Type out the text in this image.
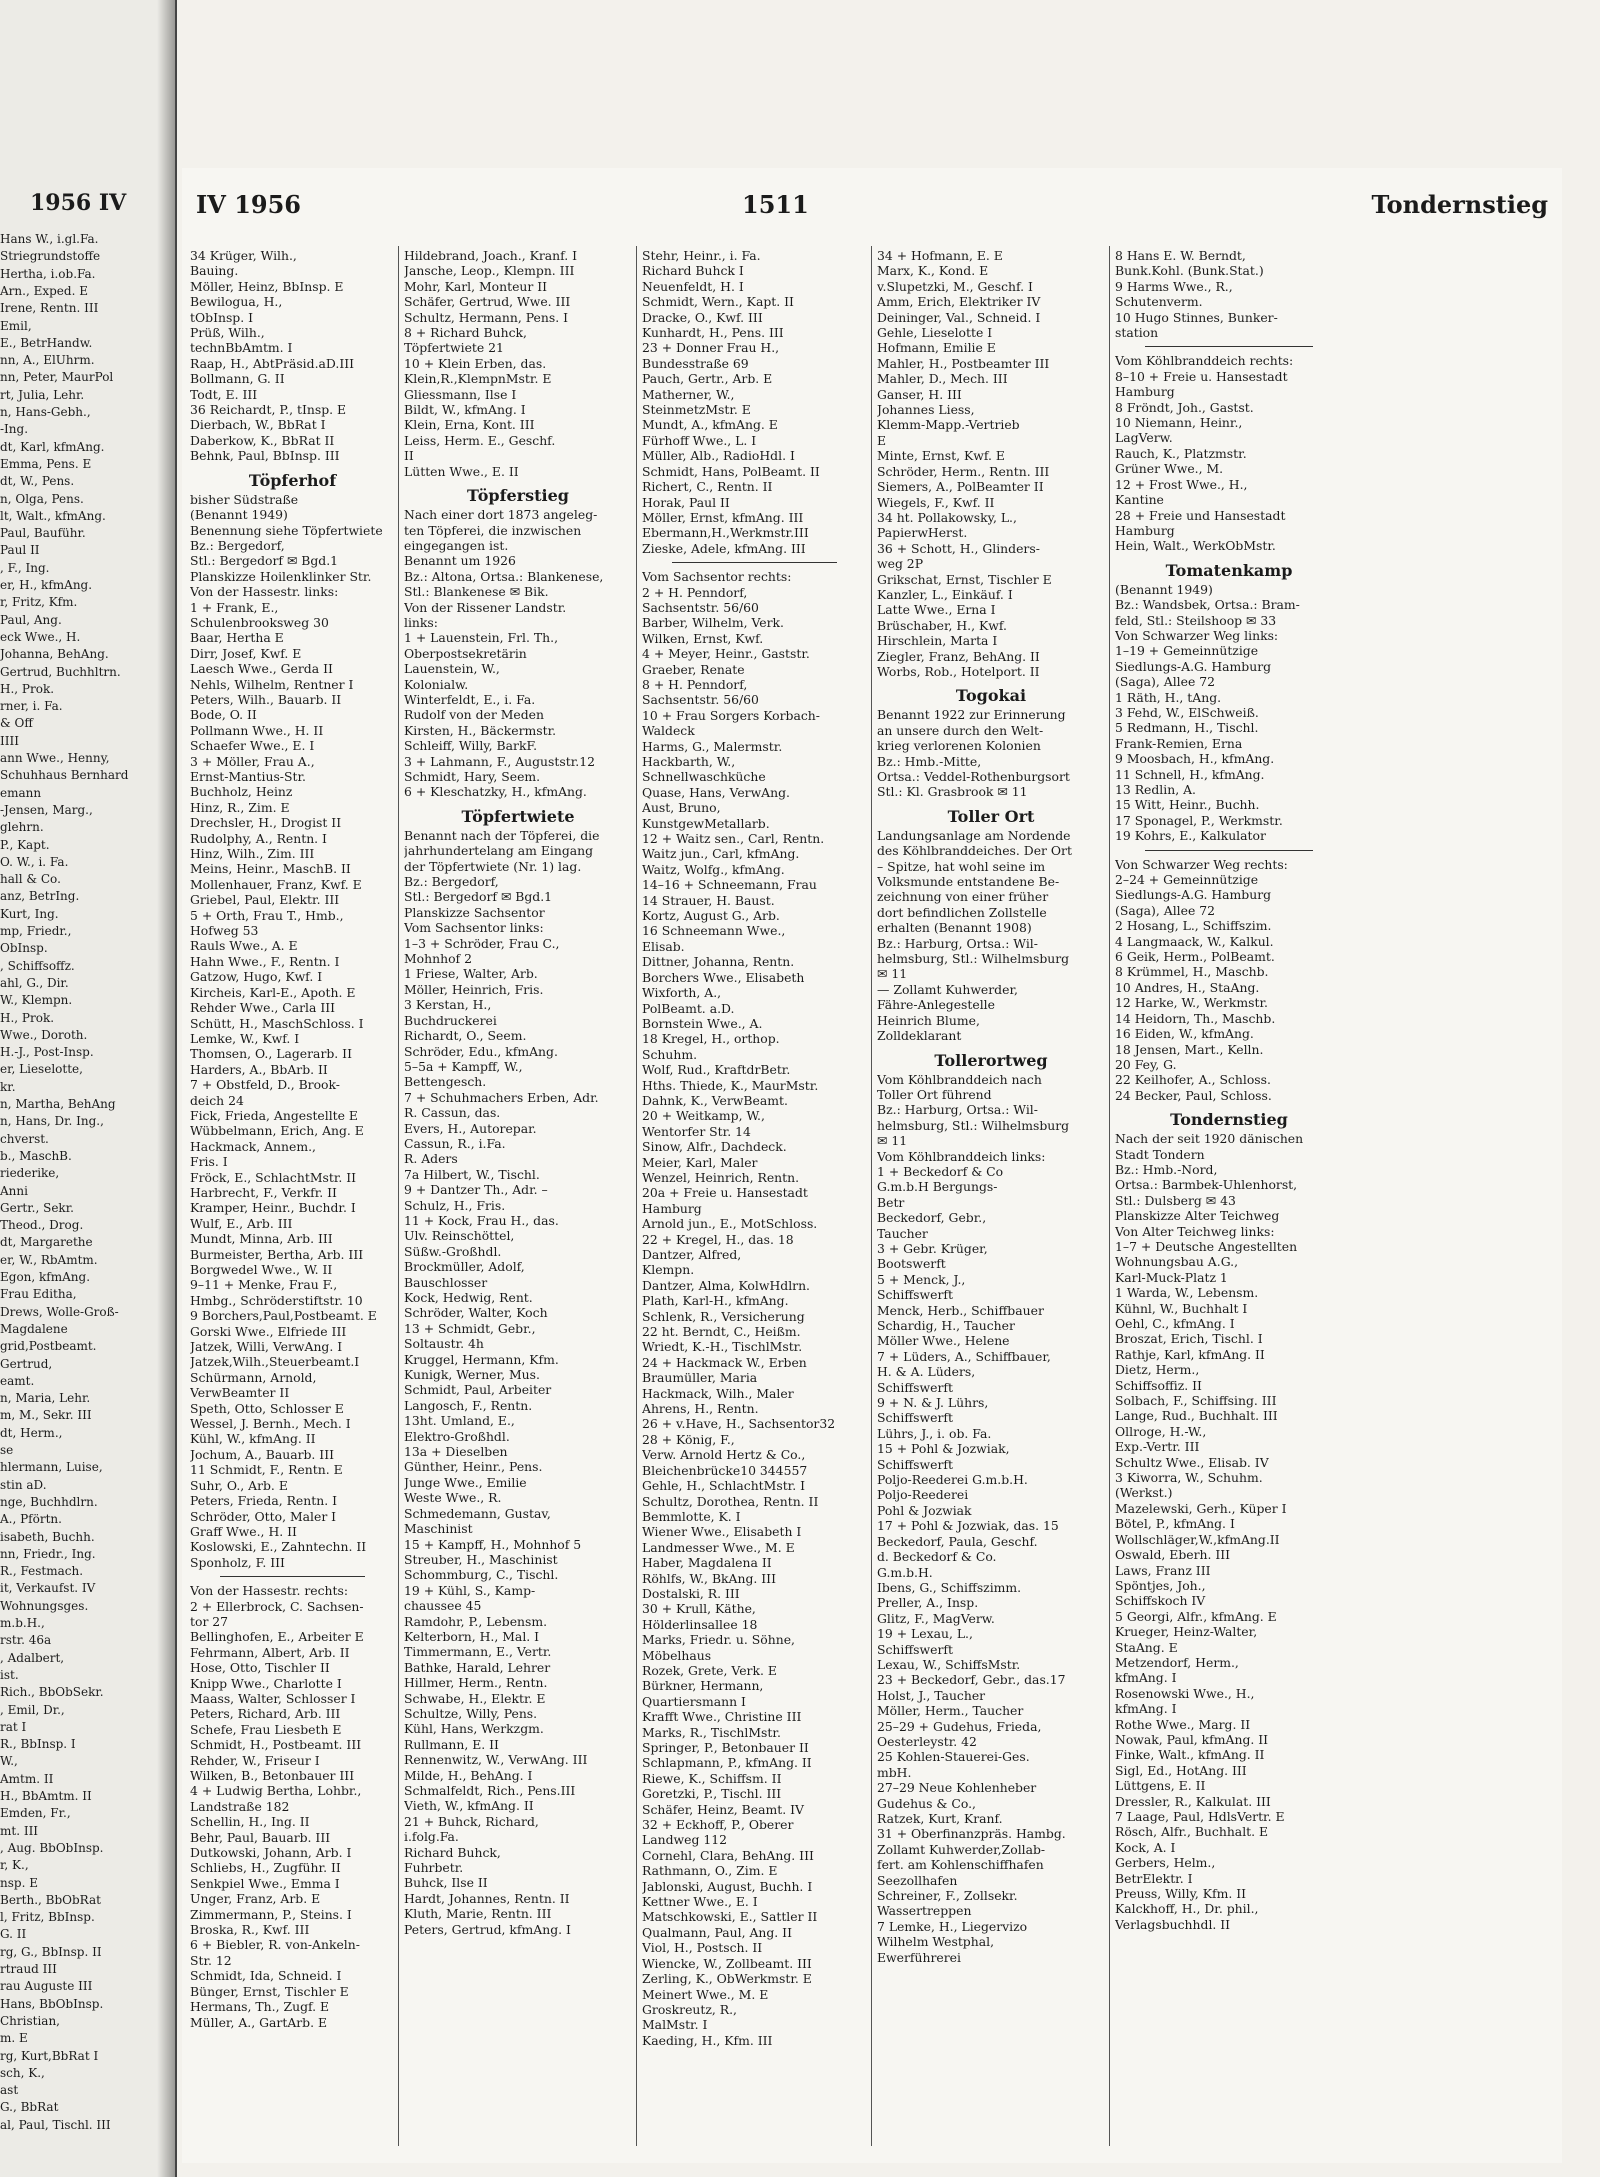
1956 IV
Hans W., i.gl.Fa.
Striegrundstoffe
Hertha, i.ob.Fa.
Arn., Exped. E
Irene, Rentn. III
Emil,
E., BetrHandw.
nn, A., ElUhrm.
nn, Peter, MaurPol
rt, Julia, Lehr.
n, Hans-Gebh.,
-Ing.
dt, Karl, kfmAng.
Emma, Pens. E
dt, W., Pens.
n, Olga, Pens.
lt, Walt., kfmAng.
Paul, Bauführ.
Paul II
, F., Ing.
er, H., kfmAng.
r, Fritz, Kfm.
Paul, Ang.
eck Wwe., H.
Johanna, BehAng.
Gertrud, Buchhltrn.
H., Prok.
rner, i. Fa.
& Off
IIII
ann Wwe., Henny,
Schuhhaus Bernhard
emann
-Jensen, Marg.,
glehrn.
P., Kapt.
O. W., i. Fa.
hall & Co.
anz, BetrIng.
Kurt, Ing.
mp, Friedr.,
ObInsp.
, Schiffsoffz.
ahl, G., Dir.
W., Klempn.
H., Prok.
Wwe., Doroth.
H.-J., Post-Insp.
er, Lieselotte,
kr.
n, Martha, BehAng
n, Hans, Dr. Ing.,
chverst.
b., MaschB.
riederike,
Anni
Gertr., Sekr.
Theod., Drog.
dt, Margarethe
er, W., RbAmtm.
Egon, kfmAng.
Frau Editha,
Drews, Wolle-Groß-
Magdalene
grid,Postbeamt.
Gertrud,
eamt.
n, Maria, Lehr.
m, M., Sekr. III
dt, Herm.,
se
hlermann, Luise,
stin aD.
nge, Buchhdlrn.
A., Pförtn.
isabeth, Buchh.
nn, Friedr., Ing.
R., Festmach.
it, Verkaufst. IV
Wohnungsges.
m.b.H.,
rstr. 46a
, Adalbert,
ist.
Rich., BbObSekr.
, Emil, Dr.,
rat I
R., BbInsp. I
W.,
Amtm. II
H., BbAmtm. II
Emden, Fr.,
mt. III
, Aug. BbObInsp.
r, K.,
nsp. E
Berth., BbObRat
l, Fritz, BbInsp.
G. II
rg, G., BbInsp. II
rtraud III
rau Auguste III
Hans, BbObInsp.
Christian,
m. E
rg, Kurt,BbRat I
sch, K.,
ast
G., BbRat
al, Paul, Tischl. III
IV 1956	1511	Tondernstieg
34 Krüger, Wilh.,
Bauing.
Möller, Heinz, BbInsp. E
Bewilogua, H.,
tObInsp. I
Prüß, Wilh.,
technBbAmtm. I
Raap, H., AbtPräsid.aD.III
Bollmann, G. II
Todt, E. III
36 Reichardt, P., tInsp. E
Dierbach, W., BbRat I
Daberkow, K., BbRat II
Behnk, Paul, BbInsp. III
Töpferhof
bisher Südstraße
(Benannt 1949)
Benennung siehe Töpfertwiete
Bz.: Bergedorf,
Stl.: Bergedorf ✉ Bgd.1
Planskizze Hoilenklinker Str.
Von der Hassestr. links:
1 + Frank, E.,
Schulenbrooksweg 30
Baar, Hertha E
Dirr, Josef, Kwf. E
Laesch Wwe., Gerda II
Nehls, Wilhelm, Rentner I
Peters, Wilh., Bauarb. II
Bode, O. II
Pollmann Wwe., H. II
Schaefer Wwe., E. I
3 + Möller, Frau A.,
Ernst-Mantius-Str.
Buchholz, Heinz
Hinz, R., Zim. E
Drechsler, H., Drogist II
Rudolphy, A., Rentn. I
Hinz, Wilh., Zim. III
Meins, Heinr., MaschB. II
Mollenhauer, Franz, Kwf. E
Griebel, Paul, Elektr. III
5 + Orth, Frau T., Hmb.,
Hofweg 53
Rauls Wwe., A. E
Hahn Wwe., F., Rentn. I
Gatzow, Hugo, Kwf. I
Kircheis, Karl-E., Apoth. E
Rehder Wwe., Carla III
Schütt, H., MaschSchloss. I
Lemke, W., Kwf. I
Thomsen, O., Lagerarb. II
Harders, A., BbArb. II
7 + Obstfeld, D., Brook-
deich 24
Fick, Frieda, Angestellte E
Wübbelmann, Erich, Ang. E
Hackmack, Annem.,
Fris. I
Fröck, E., SchlachtMstr. II
Harbrecht, F., Verkfr. II
Kramper, Heinr., Buchdr. I
Wulf, E., Arb. III
Mundt, Minna, Arb. III
Burmeister, Bertha, Arb. III
Borgwedel Wwe., W. II
9–11 + Menke, Frau F.,
Hmbg., Schröderstiftstr. 10
9 Borchers,Paul,Postbeamt. E
Gorski Wwe., Elfriede III
Jatzek, Willi, VerwAng. I
Jatzek,Wilh.,Steuerbeamt.I
Schürmann, Arnold,
VerwBeamter II
Speth, Otto, Schlosser E
Wessel, J. Bernh., Mech. I
Kühl, W., kfmAng. II
Jochum, A., Bauarb. III
11 Schmidt, F., Rentn. E
Suhr, O., Arb. E
Peters, Frieda, Rentn. I
Schröder, Otto, Maler I
Graff Wwe., H. II
Koslowski, E., Zahntechn. II
Sponholz, F. III
Von der Hassestr. rechts:
2 + Ellerbrock, C. Sachsen-
tor 27
Bellinghofen, E., Arbeiter E
Fehrmann, Albert, Arb. II
Hose, Otto, Tischler II
Knipp Wwe., Charlotte I
Maass, Walter, Schlosser I
Peters, Richard, Arb. III
Schefe, Frau Liesbeth E
Schmidt, H., Postbeamt. III
Rehder, W., Friseur I
Wilken, B., Betonbauer III
4 + Ludwig Bertha, Lohbr.,
Landstraße 182
Schellin, H., Ing. II
Behr, Paul, Bauarb. III
Dutkowski, Johann, Arb. I
Schliebs, H., Zugführ. II
Senkpiel Wwe., Emma I
Unger, Franz, Arb. E
Zimmermann, P., Steins. I
Broska, R., Kwf. III
6 + Biebler, R. von-Ankeln-
Str. 12
Schmidt, Ida, Schneid. I
Bünger, Ernst, Tischler E
Hermans, Th., Zugf. E
Müller, A., GartArb. E
Hildebrand, Joach., Kranf. I
Jansche, Leop., Klempn. III
Mohr, Karl, Monteur II
Schäfer, Gertrud, Wwe. III
Schultz, Hermann, Pens. I
8 + Richard Buhck,
Töpfertwiete 21
10 + Klein Erben, das.
Klein,R.,KlempnMstr. E
Gliessmann, Ilse I
Bildt, W., kfmAng. I
Klein, Erna, Kont. III
Leiss, Herm. E., Geschf.
II
Lütten Wwe., E. II
Töpferstieg
Nach einer dort 1873 angeleg-
ten Töpferei, die inzwischen
eingegangen ist.
Benannt um 1926
Bz.: Altona, Ortsa.: Blankenese,
Stl.: Blankenese ✉ Bik.
Von der Rissener Landstr.
links:
1 + Lauenstein, Frl. Th.,
Oberpostsekretärin
Lauenstein, W.,
Kolonialw.
Winterfeldt, E., i. Fa.
Rudolf von der Meden
Kirsten, H., Bäckermstr.
Schleiff, Willy, BarkF.
3 + Lahmann, F., Auguststr.12
Schmidt, Hary, Seem.
6 + Kleschatzky, H., kfmAng.
Töpfertwiete
Benannt nach der Töpferei, die
jahrhundertelang am Eingang
der Töpfertwiete (Nr. 1) lag.
Bz.: Bergedorf,
Stl.: Bergedorf ✉ Bgd.1
Planskizze Sachsentor
Vom Sachsentor links:
1–3 + Schröder, Frau C.,
Mohnhof 2
1 Friese, Walter, Arb.
Möller, Heinrich, Fris.
3 Kerstan, H.,
Buchdruckerei
Richardt, O., Seem.
Schröder, Edu., kfmAng.
5–5a + Kampff, W.,
Bettengesch.
7 + Schuhmachers Erben, Adr.
R. Cassun, das.
Evers, H., Autorepar.
Cassun, R., i.Fa.
R. Aders
7a Hilbert, W., Tischl.
9 + Dantzer Th., Adr. –
Schulz, H., Fris.
11 + Kock, Frau H., das.
Ulv. Reinschöttel,
Süßw.-Großhdl.
Brockmüller, Adolf,
Bauschlosser
Kock, Hedwig, Rent.
Schröder, Walter, Koch
13 + Schmidt, Gebr.,
Soltaustr. 4h
Kruggel, Hermann, Kfm.
Kunigk, Werner, Mus.
Schmidt, Paul, Arbeiter
Langosch, F., Rentn.
13ht. Umland, E.,
Elektro-Großhdl.
13a + Dieselben
Günther, Heinr., Pens.
Junge Wwe., Emilie
Weste Wwe., R.
Schmedemann, Gustav,
Maschinist
15 + Kampff, H., Mohnhof 5
Streuber, H., Maschinist
Schommburg, C., Tischl.
19 + Kühl, S., Kamp-
chaussee 45
Ramdohr, P., Lebensm.
Kelterborn, H., Mal. I
Timmermann, E., Vertr.
Bathke, Harald, Lehrer
Hillmer, Herm., Rentn.
Schwabe, H., Elektr. E
Schultze, Willy, Pens.
Kühl, Hans, Werkzgm.
Rullmann, E. II
Rennenwitz, W., VerwAng. III
Milde, H., BehAng. I
Schmalfeldt, Rich., Pens.III
Vieth, W., kfmAng. II
21 + Buhck, Richard,
i.folg.Fa.
Richard Buhck,
Fuhrbetr.
Buhck, Ilse II
Hardt, Johannes, Rentn. II
Kluth, Marie, Rentn. III
Peters, Gertrud, kfmAng. I
Stehr, Heinr., i. Fa.
Richard Buhck I
Neuenfeldt, H. I
Schmidt, Wern., Kapt. II
Dracke, O., Kwf. III
Kunhardt, H., Pens. III
23 + Donner Frau H.,
Bundesstraße 69
Pauch, Gertr., Arb. E
Matherner, W.,
SteinmetzMstr. E
Mundt, A., kfmAng. E
Fürhoff Wwe., L. I
Müller, Alb., RadioHdl. I
Schmidt, Hans, PolBeamt. II
Richert, C., Rentn. II
Horak, Paul II
Möller, Ernst, kfmAng. III
Ebermann,H.,Werkmstr.III
Zieske, Adele, kfmAng. III
Vom Sachsentor rechts:
2 + H. Penndorf,
Sachsentstr. 56/60
Barber, Wilhelm, Verk.
Wilken, Ernst, Kwf.
4 + Meyer, Heinr., Gaststr.
Graeber, Renate
8 + H. Penndorf,
Sachsentstr. 56/60
10 + Frau Sorgers Korbach-
Waldeck
Harms, G., Malermstr.
Hackbarth, W.,
Schnellwaschküche
Quase, Hans, VerwAng.
Aust, Bruno,
KunstgewMetallarb.
12 + Waitz sen., Carl, Rentn.
Waitz jun., Carl, kfmAng.
Waitz, Wolfg., kfmAng.
14–16 + Schneemann, Frau
14 Strauer, H. Baust.
Kortz, August G., Arb.
16 Schneemann Wwe.,
Elisab.
Dittner, Johanna, Rentn.
Borchers Wwe., Elisabeth
Wixforth, A.,
PolBeamt. a.D.
Bornstein Wwe., A.
18 Kregel, H., orthop.
Schuhm.
Wolf, Rud., KraftdrBetr.
Hths. Thiede, K., MaurMstr.
Dahnk, K., VerwBeamt.
20 + Weitkamp, W.,
Wentorfer Str. 14
Sinow, Alfr., Dachdeck.
Meier, Karl, Maler
Wenzel, Heinrich, Rentn.
20a + Freie u. Hansestadt
Hamburg
Arnold jun., E., MotSchloss.
22 + Kregel, H., das. 18
Dantzer, Alfred,
Klempn.
Dantzer, Alma, KolwHdlrn.
Plath, Karl-H., kfmAng.
Schlenk, R., Versicherung
22 ht. Berndt, C., Heißm.
Wriedt, K.-H., TischlMstr.
24 + Hackmack W., Erben
Braumüller, Maria
Hackmack, Wilh., Maler
Ahrens, H., Rentn.
26 + v.Have, H., Sachsentor32
28 + König, F.,
Verw. Arnold Hertz & Co.,
Bleichenbrücke10 344557
Gehle, H., SchlachtMstr. I
Schultz, Dorothea, Rentn. II
Bemmlotte, K. I
Wiener Wwe., Elisabeth I
Landmesser Wwe., M. E
Haber, Magdalena II
Röhlfs, W., BkAng. III
Dostalski, R. III
30 + Krull, Käthe,
Hölderlinsallee 18
Marks, Friedr. u. Söhne,
Möbelhaus
Rozek, Grete, Verk. E
Bürkner, Hermann,
Quartiersmann I
Krafft Wwe., Christine III
Marks, R., TischlMstr.
Springer, P., Betonbauer II
Schlapmann, P., kfmAng. II
Riewe, K., Schiffsm. II
Goretzki, P., Tischl. III
Schäfer, Heinz, Beamt. IV
32 + Eckhoff, P., Oberer
Landweg 112
Cornehl, Clara, BehAng. III
Rathmann, O., Zim. E
Jablonski, August, Buchh. I
Kettner Wwe., E. I
Matschkowski, E., Sattler II
Qualmann, Paul, Ang. II
Viol, H., Postsch. II
Wiencke, W., Zollbeamt. III
Zerling, K., ObWerkmstr. E
Meinert Wwe., M. E
Groskreutz, R.,
MalMstr. I
Kaeding, H., Kfm. III
34 + Hofmann, E. E
Marx, K., Kond. E
v.Slupetzki, M., Geschf. I
Amm, Erich, Elektriker IV
Deininger, Val., Schneid. I
Gehle, Lieselotte I
Hofmann, Emilie E
Mahler, H., Postbeamter III
Mahler, D., Mech. III
Ganser, H. III
Johannes Liess,
Klemm-Mapp.-Vertrieb
E
Minte, Ernst, Kwf. E
Schröder, Herm., Rentn. III
Siemers, A., PolBeamter II
Wiegels, F., Kwf. II
34 ht. Pollakowsky, L.,
PapierwHerst.
36 + Schott, H., Glinders-
weg 2P
Grikschat, Ernst, Tischler E
Kanzler, L., Einkäuf. I
Latte Wwe., Erna I
Brüschaber, H., Kwf.
Hirschlein, Marta I
Ziegler, Franz, BehAng. II
Worbs, Rob., Hotelport. II
Togokai
Benannt 1922 zur Erinnerung
an unsere durch den Welt-
krieg verlorenen Kolonien
Bz.: Hmb.-Mitte,
Ortsa.: Veddel-Rothenburgsort
Stl.: Kl. Grasbrook ✉ 11
Toller Ort
Landungsanlage am Nordende
des Köhlbranddeiches. Der Ort
– Spitze, hat wohl seine im
Volksmunde entstandene Be-
zeichnung von einer früher
dort befindlichen Zollstelle
erhalten (Benannt 1908)
Bz.: Harburg, Ortsa.: Wil-
helmsburg, Stl.: Wilhelmsburg
✉ 11
— Zollamt Kuhwerder,
Fähre-Anlegestelle
Heinrich Blume,
Zolldeklarant
Tollerortweg
Vom Köhlbranddeich nach
Toller Ort führend
Bz.: Harburg, Ortsa.: Wil-
helmsburg, Stl.: Wilhelmsburg
✉ 11
Vom Köhlbranddeich links:
1 + Beckedorf & Co
G.m.b.H Bergungs-
Betr
Beckedorf, Gebr.,
Taucher
3 + Gebr. Krüger,
Bootswerft
5 + Menck, J.,
Schiffswerft
Menck, Herb., Schiffbauer
Schardig, H., Taucher
Möller Wwe., Helene
7 + Lüders, A., Schiffbauer,
H. & A. Lüders,
Schiffswerft
9 + N. & J. Lührs,
Schiffswerft
Lührs, J., i. ob. Fa.
15 + Pohl & Jozwiak,
Schiffswerft
Poljo-Reederei G.m.b.H.
Poljo-Reederei
Pohl & Jozwiak
17 + Pohl & Jozwiak, das. 15
Beckedorf, Paula, Geschf.
d. Beckedorf & Co.
G.m.b.H.
Ibens, G., Schiffszimm.
Preller, A., Insp.
Glitz, F., MagVerw.
19 + Lexau, L.,
Schiffswerft
Lexau, W., SchiffsMstr.
23 + Beckedorf, Gebr., das.17
Holst, J., Taucher
Möller, Herm., Taucher
25–29 + Gudehus, Frieda,
Oesterleystr. 42
25 Kohlen-Stauerei-Ges.
mbH.
27–29 Neue Kohlenheber
Gudehus & Co.,
Ratzek, Kurt, Kranf.
31 + Oberfinanzpräs. Hambg.
Zollamt Kuhwerder,Zollab-
fert. am Kohlenschiffhafen
Seezollhafen
Schreiner, F., Zollsekr.
Wassertreppen
7 Lemke, H., Liegervizo
Wilhelm Westphal,
Ewerführerei
8 Hans E. W. Berndt,
Bunk.Kohl. (Bunk.Stat.)
9 Harms Wwe., R.,
Schutenverm.
10 Hugo Stinnes, Bunker-
station
Vom Köhlbranddeich rechts:
8–10 + Freie u. Hansestadt
Hamburg
8 Fröndt, Joh., Gastst.
10 Niemann, Heinr.,
LagVerw.
Rauch, K., Platzmstr.
Grüner Wwe., M.
12 + Frost Wwe., H.,
Kantine
28 + Freie und Hansestadt
Hamburg
Hein, Walt., WerkObMstr.
Tomatenkamp
(Benannt 1949)
Bz.: Wandsbek, Ortsa.: Bram-
feld, Stl.: Steilshoop ✉ 33
Von Schwarzer Weg links:
1–19 + Gemeinnützige
Siedlungs-A.G. Hamburg
(Saga), Allee 72
1 Räth, H., tAng.
3 Fehd, W., ElSchweiß.
5 Redmann, H., Tischl.
Frank-Remien, Erna
9 Moosbach, H., kfmAng.
11 Schnell, H., kfmAng.
13 Redlin, A.
15 Witt, Heinr., Buchh.
17 Sponagel, P., Werkmstr.
19 Kohrs, E., Kalkulator
Von Schwarzer Weg rechts:
2–24 + Gemeinnützige
Siedlungs-A.G. Hamburg
(Saga), Allee 72
2 Hosang, L., Schiffszim.
4 Langmaack, W., Kalkul.
6 Geik, Herm., PolBeamt.
8 Krümmel, H., Maschb.
10 Andres, H., StaAng.
12 Harke, W., Werkmstr.
14 Heidorn, Th., Maschb.
16 Eiden, W., kfmAng.
18 Jensen, Mart., Kelln.
20 Fey, G.
22 Keilhofer, A., Schloss.
24 Becker, Paul, Schloss.
Tondernstieg
Nach der seit 1920 dänischen
Stadt Tondern
Bz.: Hmb.-Nord,
Ortsa.: Barmbek-Uhlenhorst,
Stl.: Dulsberg ✉ 43
Planskizze Alter Teichweg
Von Alter Teichweg links:
1–7 + Deutsche Angestellten
Wohnungsbau A.G.,
Karl-Muck-Platz 1
1 Warda, W., Lebensm.
Kühnl, W., Buchhalt I
Oehl, C., kfmAng. I
Broszat, Erich, Tischl. I
Rathje, Karl, kfmAng. II
Dietz, Herm.,
Schiffsoffiz. II
Solbach, F., Schiffsing. III
Lange, Rud., Buchhalt. III
Ollroge, H.-W.,
Exp.-Vertr. III
Schultz Wwe., Elisab. IV
3 Kiworra, W., Schuhm.
(Werkst.)
Mazelewski, Gerh., Küper I
Bötel, P., kfmAng. I
Wollschläger,W.,kfmAng.II
Oswald, Eberh. III
Laws, Franz III
Spöntjes, Joh.,
Schiffskoch IV
5 Georgi, Alfr., kfmAng. E
Krueger, Heinz-Walter,
StaAng. E
Metzendorf, Herm.,
kfmAng. I
Rosenowski Wwe., H.,
kfmAng. I
Rothe Wwe., Marg. II
Nowak, Paul, kfmAng. II
Finke, Walt., kfmAng. II
Sigl, Ed., HotAng. III
Lüttgens, E. II
Dressler, R., Kalkulat. III
7 Laage, Paul, HdlsVertr. E
Rösch, Alfr., Buchhalt. E
Kock, A. I
Gerbers, Helm.,
BetrElektr. I
Preuss, Willy, Kfm. II
Kalckhoff, H., Dr. phil.,
Verlagsbuchhdl. II
